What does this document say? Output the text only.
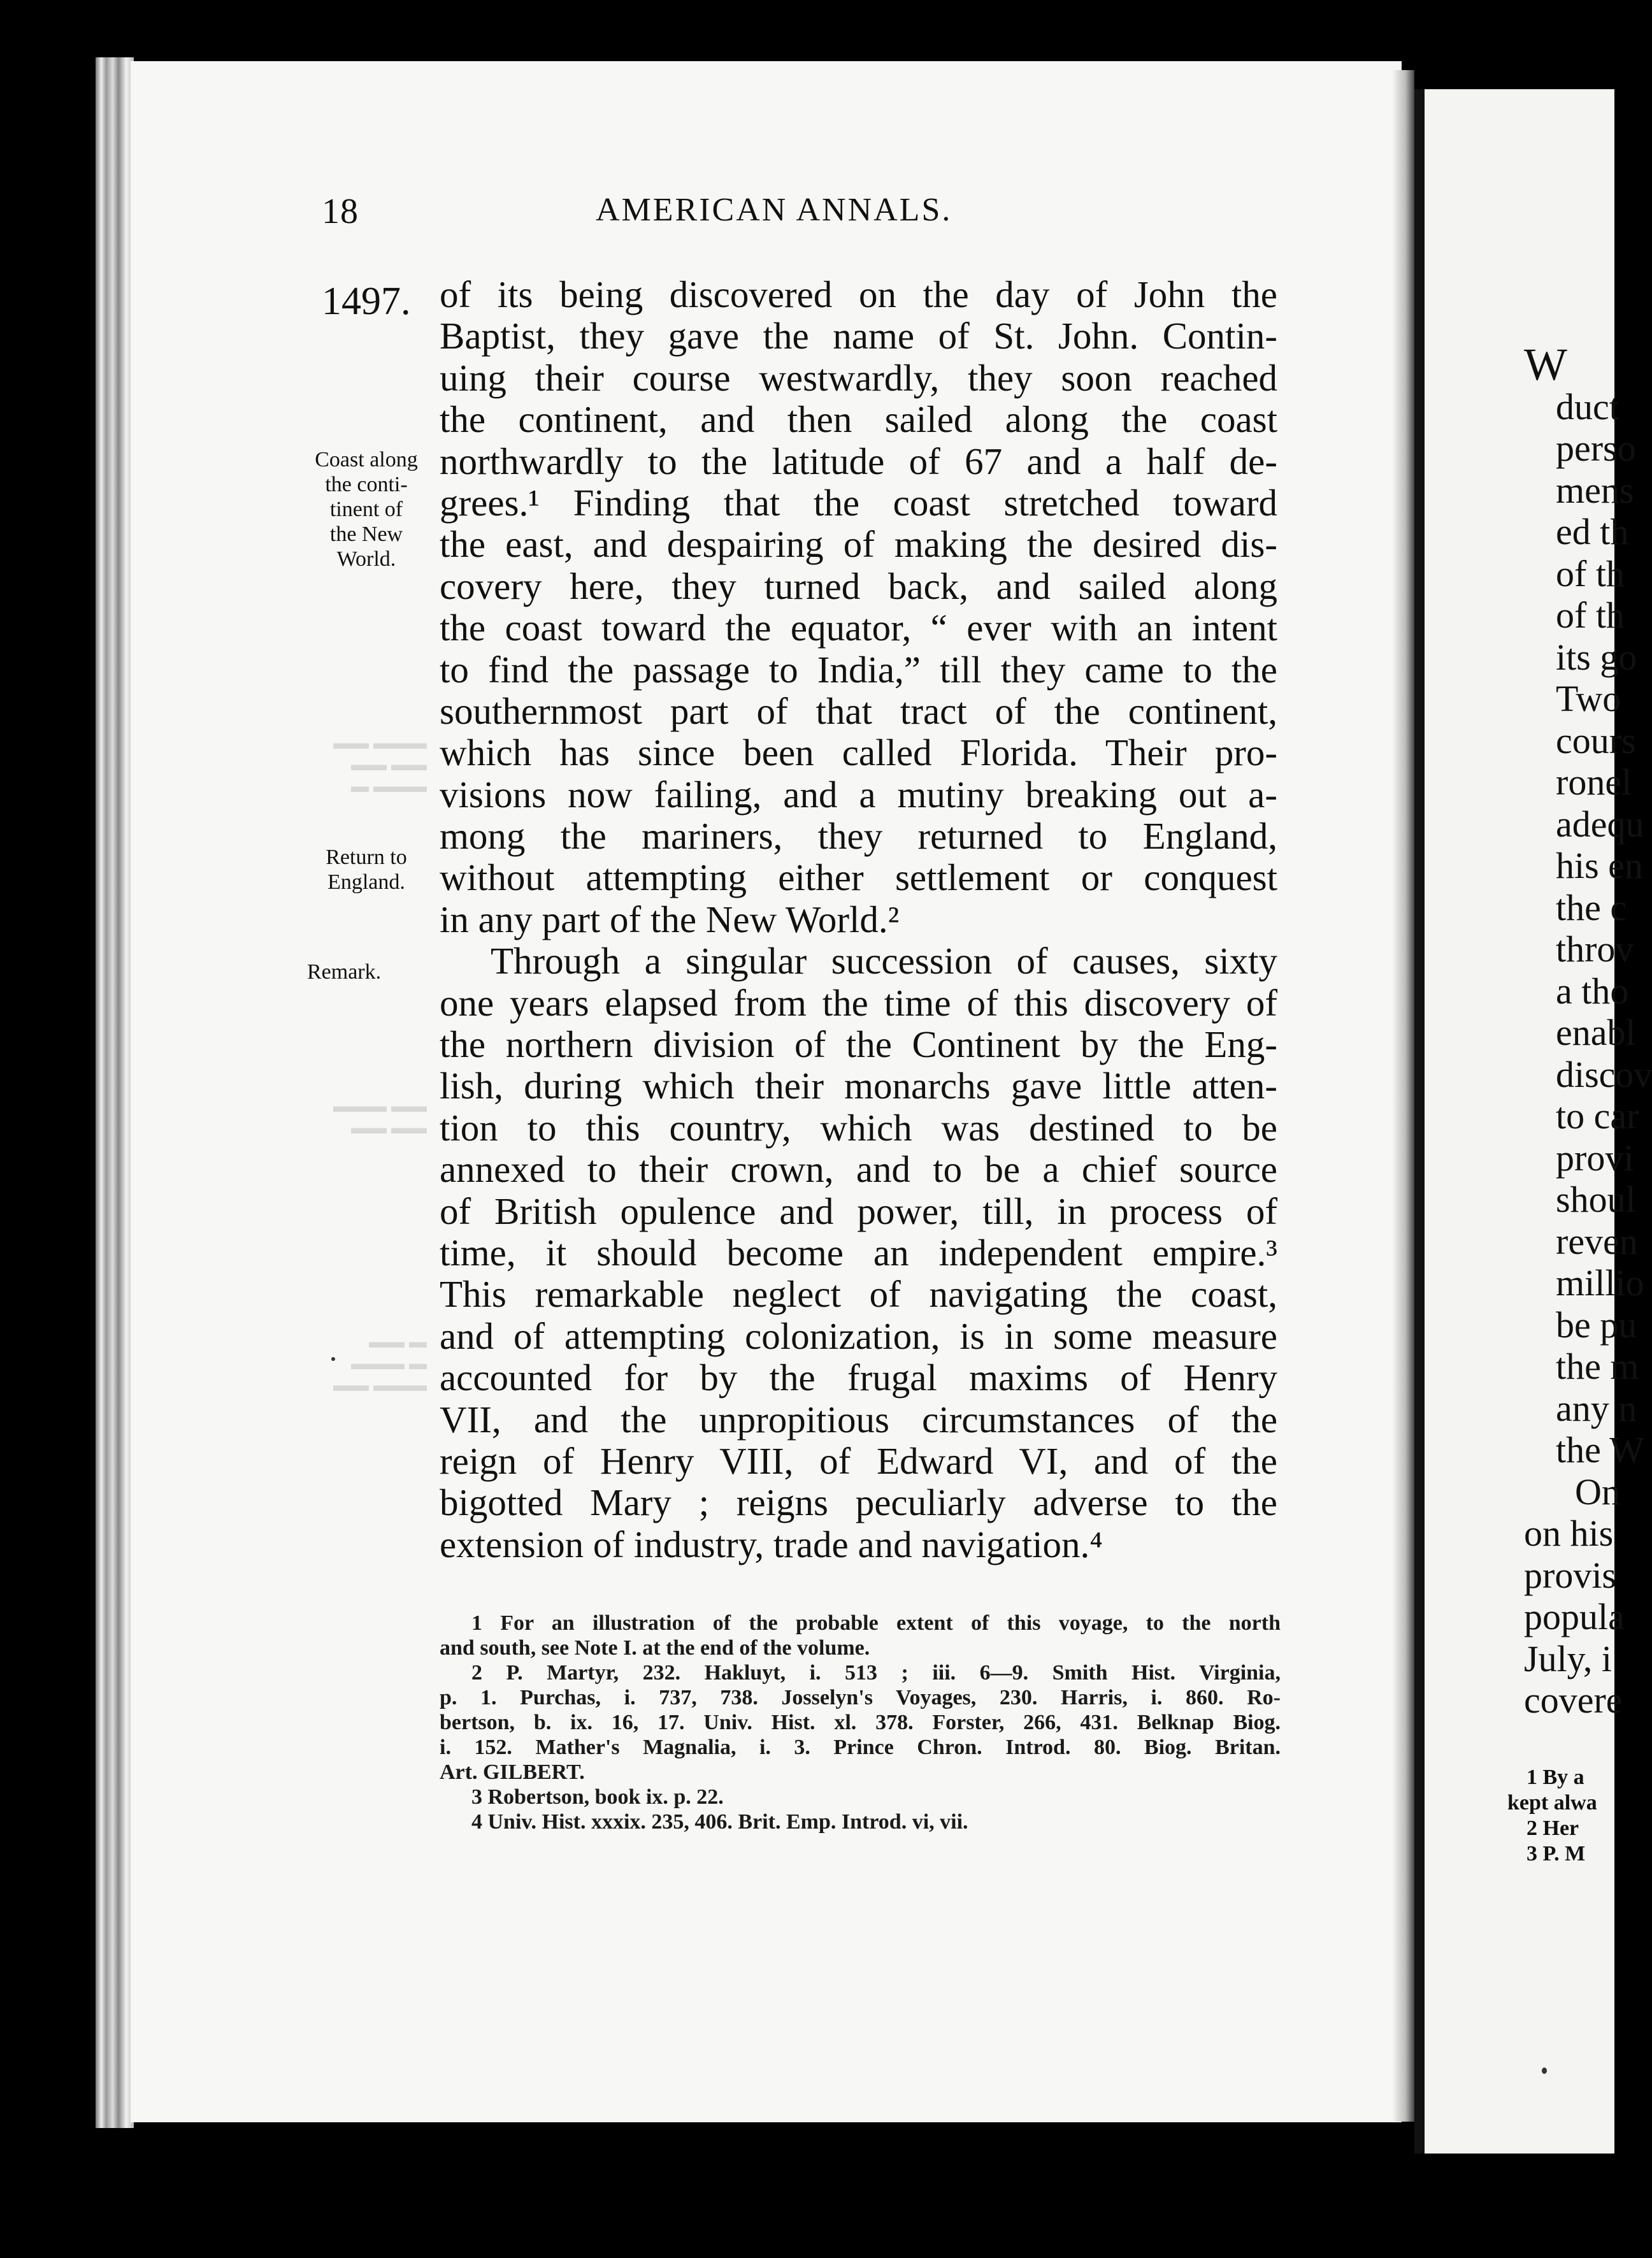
▬▬ ▬▬▬
▬▬ ▬▬
▬ ▬▬▬
▬▬▬ ▬▬
▬▬ ▬▬
▬▬ ▬
▬▬▬ ▬
▬▬ ▬▬▬
18	AMERICAN ANNALS.
1497.
Coast along
the conti-
tinent of
the New
World.
Return to
England.
Remark.
of its being discovered on the day of John the
Baptist, they gave the name of St. John. Contin-
uing their course westwardly, they soon reached
the continent, and then sailed along the coast
northwardly to the latitude of 67 and a half de-
grees.¹ Finding that the coast stretched toward
the east, and despairing of making the desired dis-
covery here, they turned back, and sailed along
the coast toward the equator, “ ever with an intent
to find the passage to India,” till they came to the
southernmost part of that tract of the continent,
which has since been called Florida. Their pro-
visions now failing, and a mutiny breaking out a-
mong the mariners, they returned to England,
without attempting either settlement or conquest
in any part of the New World.²
Through a singular succession of causes, sixty
one years elapsed from the time of this discovery of
the northern division of the Continent by the Eng-
lish, during which their monarchs gave little atten-
tion to this country, which was destined to be
annexed to their crown, and to be a chief source
of British opulence and power, till, in process of
time, it should become an independent empire.³
This remarkable neglect of navigating the coast,
and of attempting colonization, is in some measure
accounted for by the frugal maxims of Henry
VII, and the unpropitious circumstances of the
reign of Henry VIII, of Edward VI, and of the
bigotted Mary ; reigns peculiarly adverse to the
extension of industry, trade and navigation.⁴
1 For an illustration of the probable extent of this voyage, to the north
and south, see Note I. at the end of the volume.
2 P. Martyr, 232. Hakluyt, i. 513 ; iii. 6—9. Smith Hist. Virginia,
p. 1. Purchas, i. 737, 738. Josselyn's Voyages, 230. Harris, i. 860. Ro-
bertson, b. ix. 16, 17. Univ. Hist. xl. 378. Forster, 266, 431. Belknap Biog.
i. 152. Mather's Magnalia, i. 3. Prince Chron. Introd. 80. Biog. Britan.
Art. GILBERT.
3 Robertson, book ix. p. 22.
4 Univ. Hist. xxxix. 235, 406. Brit. Emp. Introd. vi, vii.
W
duct
perso
mens
ed th
of th
of th
its go
Two
cours
ronel
adequ
his en
the c
throv
a tho
enabl
discov
to car
provi
shoul
reven
millio
be pu
the m
any n
the W
On
on his
provis
popula
July, i
covere
1 By a
kept alwa
2 Her
3 P. M
